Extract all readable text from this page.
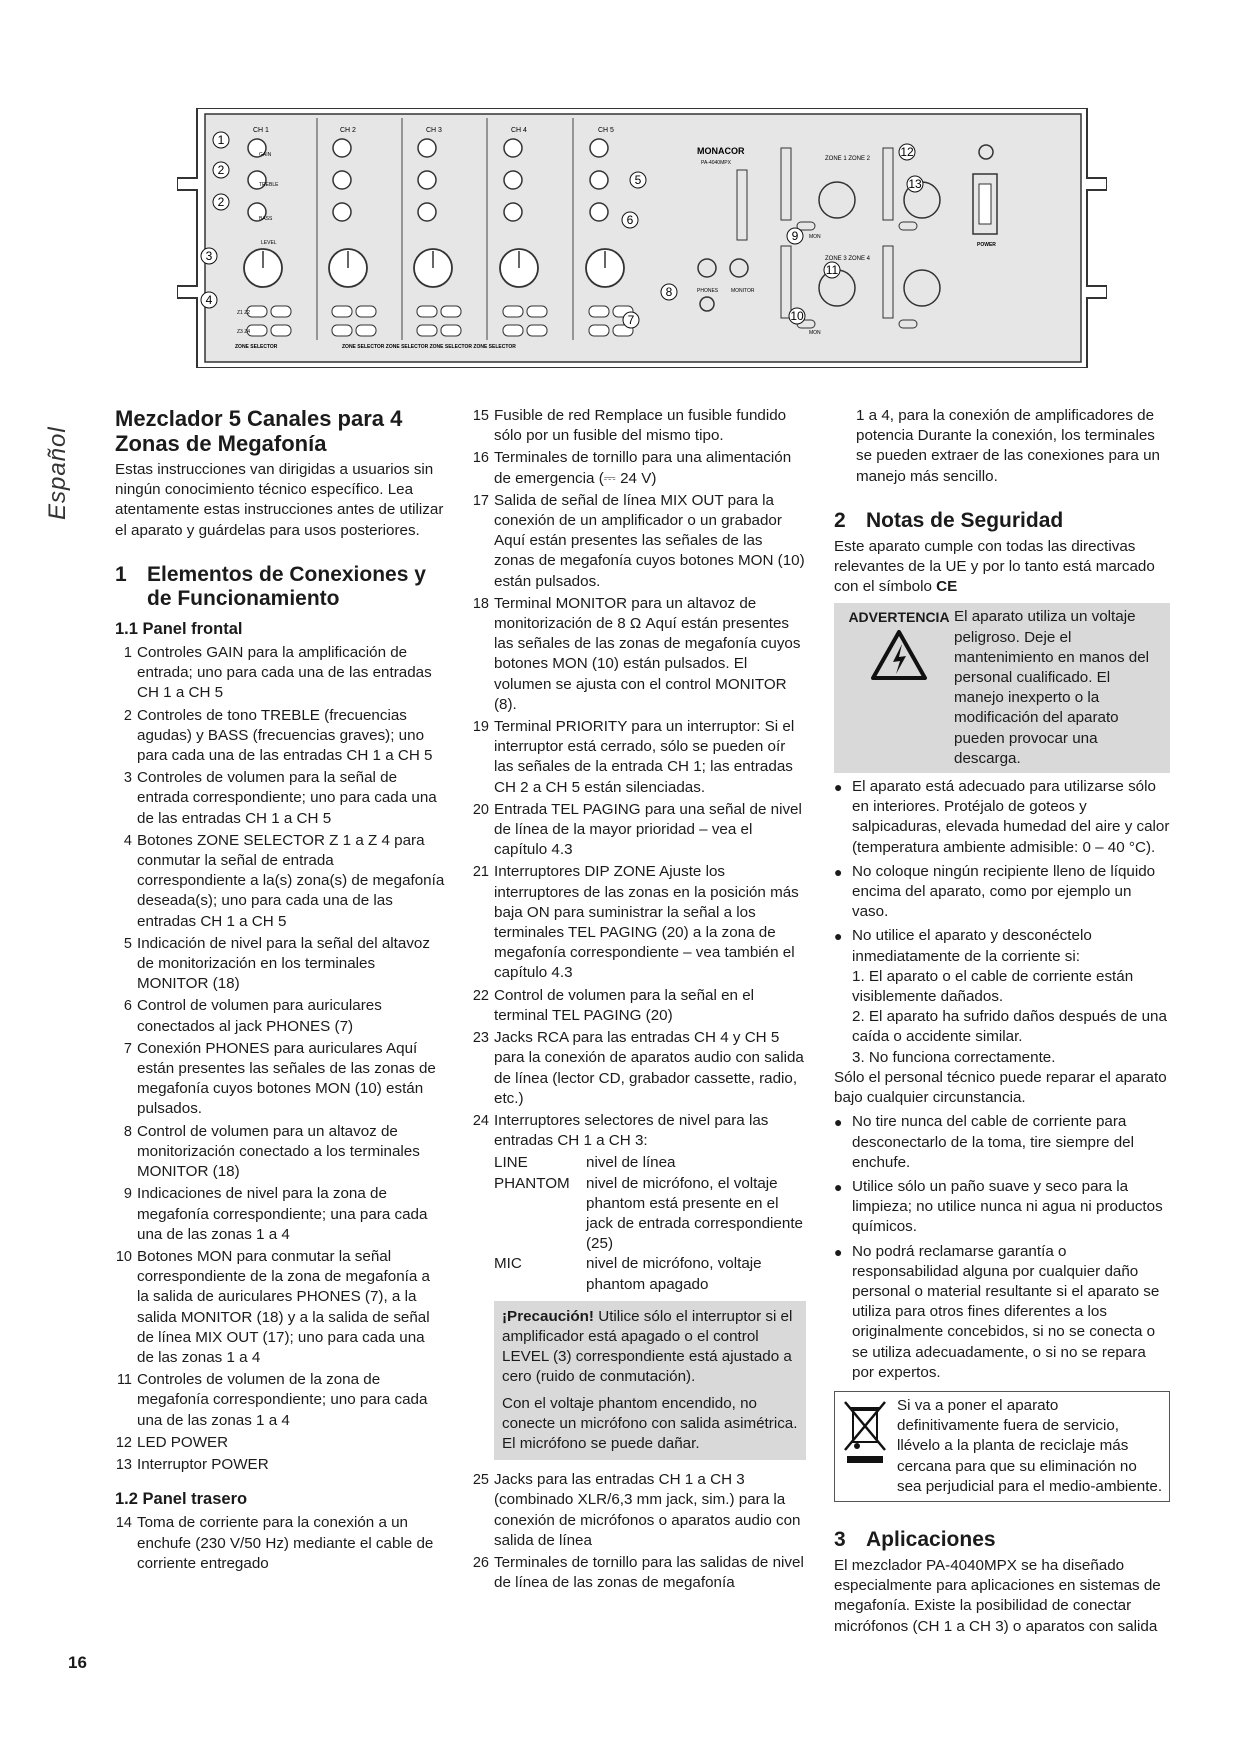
CH 1	CH 2	CH 3	CH 4	CH 5
GAIN
TREBLE
BASS
LEVEL
Z1 Z2
Z3 Z4
ZONE SELECTOR	ZONE SELECTOR ZONE SELECTOR ZONE SELECTOR ZONE SELECTOR
MONACOR
PA-4040MPX
PHONES	MONITOR
ZONE 1 ZONE 2
ZONE 3 ZONE 4
MON
MON
POWER
1
2
2
3
4
5
6
7
8
9
10
11
12
13
Español
Mezclador 5 Canales para 4 Zonas de Megafonía

Estas instrucciones van dirigidas a usuarios sin ningún conocimiento técnico específico. Lea atentamente estas instrucciones antes de utilizar el aparato y guárdelas para usos posteriores.

1 Elementos de Conexiones y de Funcionamiento
1.1 Panel frontal
1 Controles GAIN para la amplificación de entrada; uno para cada una de las entradas CH 1 a CH 5
2 Controles de tono TREBLE (frecuencias agudas) y BASS (frecuencias graves); uno para cada una de las entradas CH 1 a CH 5
3 Controles de volumen para la señal de entrada correspondiente; uno para cada una de las entradas CH 1 a CH 5
4 Botones ZONE SELECTOR Z 1 a Z 4 para conmutar la señal de entrada correspondiente a la(s) zona(s) de megafonía deseada(s); uno para cada una de las entradas CH 1 a CH 5
5 Indicación de nivel para la señal del altavoz de monitorización en los terminales MONITOR (18)
6 Control de volumen para auriculares conectados al jack PHONES (7)
7 Conexión PHONES para auriculares Aquí están presentes las señales de las zonas de megafonía cuyos botones MON (10) están pulsados.
8 Control de volumen para un altavoz de monitorización conectado a los terminales MONITOR (18)
9 Indicaciones de nivel para la zona de megafonía correspondiente; una para cada una de las zonas 1 a 4
10 Botones MON para conmutar la señal correspondiente de la zona de megafonía a la salida de auriculares PHONES (7), a la salida MONITOR (18) y a la salida de señal de línea MIX OUT (17); uno para cada una de las zonas 1 a 4
11 Controles de volumen de la zona de megafonía correspondiente; uno para cada una de las zonas 1 a 4
12 LED POWER
13 Interruptor POWER
1.2 Panel trasero
14 Toma de corriente para la conexión a un enchufe (230 V/50 Hz) mediante el cable de corriente entregado
15 Fusible de red Remplace un fusible fundido sólo por un fusible del mismo tipo.
16 Terminales de tornillo para una alimentación de emergencia (⎓ 24 V)
17 Salida de señal de línea MIX OUT para la conexión de un amplificador o un grabador Aquí están presentes las señales de las zonas de megafonía cuyos botones MON (10) están pulsados.
18 Terminal MONITOR para un altavoz de monitorización de 8 Ω Aquí están presentes las señales de las zonas de megafonía cuyos botones MON (10) están pulsados. El volumen se ajusta con el control MONITOR (8).
19 Terminal PRIORITY para un interruptor: Si el interruptor está cerrado, sólo se pueden oír las señales de la entrada CH 1; las entradas CH 2 a CH 5 están silenciadas.
20 Entrada TEL PAGING para una señal de nivel de línea de la mayor prioridad – vea el capítulo 4.3
21 Interruptores DIP ZONE Ajuste los interruptores de las zonas en la posición más baja ON para suministrar la señal a los terminales TEL PAGING (20) a la zona de megafonía correspondiente – vea también el capítulo 4.3
22 Control de volumen para la señal en el terminal TEL PAGING (20)
23 Jacks RCA para las entradas CH 4 y CH 5 para la conexión de aparatos audio con salida de línea (lector CD, grabador cassette, radio, etc.)
24 Interruptores selectores de nivel para las entradas CH 1 a CH 3:
LINE	nivel de línea
PHANTOM	nivel de micrófono, el voltaje phantom está presente en el jack de entrada correspondiente (25)
MIC	nivel de micrófono, voltaje phantom apagado

¡Precaución! Utilice sólo el interruptor si el amplificador está apagado o el control LEVEL (3) correspondiente está ajustado a cero (ruido de conmutación).

Con el voltaje phantom encendido, no conecte un micrófono con salida asimétrica. El micrófono se puede dañar.

25 Jacks para las entradas CH 1 a CH 3 (combinado XLR/6,3 mm jack, sim.) para la conexión de micrófonos o aparatos audio con salida de línea
26 Terminales de tornillo para las salidas de nivel de línea de las zonas de megafonía

1 a 4, para la conexión de amplificadores de potencia Durante la conexión, los terminales se pueden extraer de las conexiones para un manejo más sencillo.

2 Notas de Seguridad

Este aparato cumple con todas las directivas relevantes de la UE y por lo tanto está marcado con el símbolo CE

ADVERTENCIA El aparato utiliza un voltaje peligroso. Deje el mantenimiento en manos del personal cualificado. El manejo inexperto o la modificación del aparato pueden provocar una descarga.
● El aparato está adecuado para utilizarse sólo en interiores. Protéjalo de goteos y salpicaduras, elevada humedad del aire y calor (temperatura ambiente admisible: 0 – 40 °C).
● No coloque ningún recipiente lleno de líquido encima del aparato, como por ejemplo un vaso.
● No utilice el aparato y desconéctelo inmediatamente de la corriente si:

1. El aparato o el cable de corriente están visiblemente dañados.

2. El aparato ha sufrido daños después de una caída o accidente similar.

3. No funciona correctamente.

Sólo el personal técnico puede reparar el aparato bajo cualquier circunstancia.

● No tire nunca del cable de corriente para desconectarlo de la toma, tire siempre del enchufe.
● Utilice sólo un paño suave y seco para la limpieza; no utilice nunca ni agua ni productos químicos.
● No podrá reclamarse garantía o responsabilidad alguna por cualquier daño personal o material resultante si el aparato se utiliza para otros fines diferentes a los originalmente concebidos, si no se conecta o se utiliza adecuadamente, o si no se repara por expertos.
Si va a poner el aparato definitivamente fuera de servicio, llévelo a la planta de reciclaje más cercana para que su eliminación no sea perjudicial para el medio-ambiente.
3 Aplicaciones

El mezclador PA-4040MPX se ha diseñado especialmente para aplicaciones en sistemas de megafonía. Existe la posibilidad de conectar micrófonos (CH 1 a CH 3) o aparatos con salida

16
